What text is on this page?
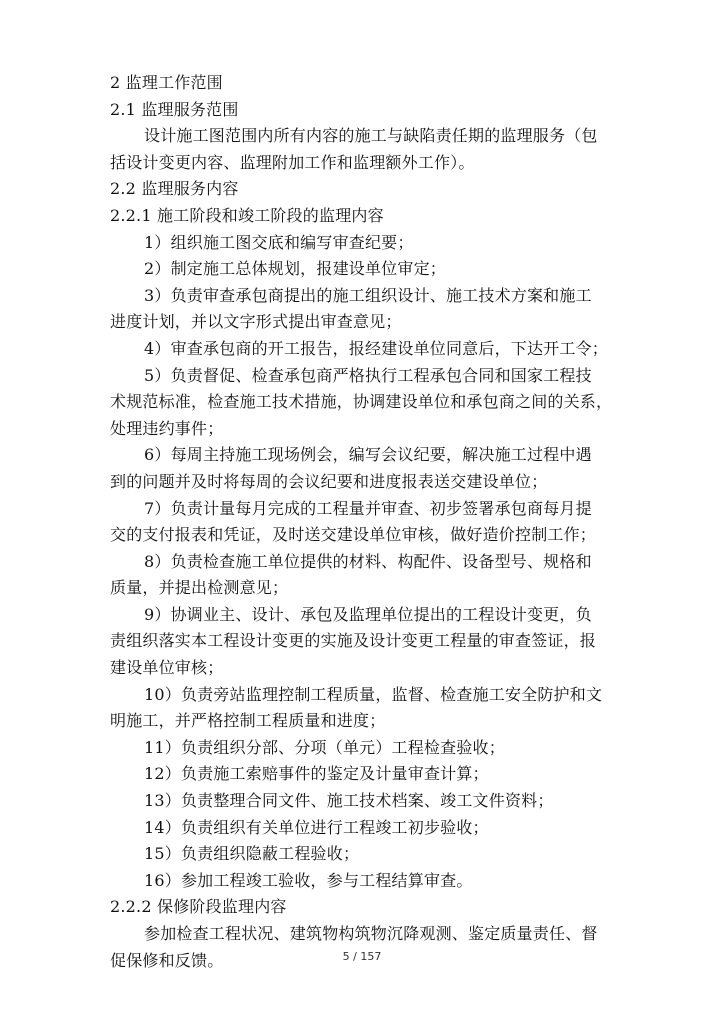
2 监理工作范围
2.1 监理服务范围
设计施工图范围内所有内容的施工与缺陷责任期的监理服务（包
括设计变更内容、监理附加工作和监理额外工作）。
2.2 监理服务内容
2.2.1 施工阶段和竣工阶段的监理内容
1）组织施工图交底和编写审查纪要；
2）制定施工总体规划，报建设单位审定；
3）负责审查承包商提出的施工组织设计、施工技术方案和施工
进度计划，并以文字形式提出审查意见；
4）审查承包商的开工报告，报经建设单位同意后，下达开工令；
5）负责督促、检查承包商严格执行工程承包合同和国家工程技
术规范标准，检查施工技术措施，协调建设单位和承包商之间的关系，
处理违约事件；
6）每周主持施工现场例会，编写会议纪要，解决施工过程中遇
到的问题并及时将每周的会议纪要和进度报表送交建设单位；
7）负责计量每月完成的工程量并审查、初步签署承包商每月提
交的支付报表和凭证，及时送交建设单位审核，做好造价控制工作；
8）负责检查施工单位提供的材料、构配件、设备型号、规格和
质量，并提出检测意见；
9）协调业主、设计、承包及监理单位提出的工程设计变更，负
责组织落实本工程设计变更的实施及设计变更工程量的审查签证，报
建设单位审核；
10）负责旁站监理控制工程质量，监督、检查施工安全防护和文
明施工，并严格控制工程质量和进度；
11）负责组织分部、分项（单元）工程检查验收；
12）负责施工索赔事件的鉴定及计量审查计算；
13）负责整理合同文件、施工技术档案、竣工文件资料；
14）负责组织有关单位进行工程竣工初步验收；
15）负责组织隐蔽工程验收；
16）参加工程竣工验收，参与工程结算审查。
2.2.2 保修阶段监理内容
参加检查工程状况、建筑物构筑物沉降观测、鉴定质量责任、督
促保修和反馈。	5 / 157
